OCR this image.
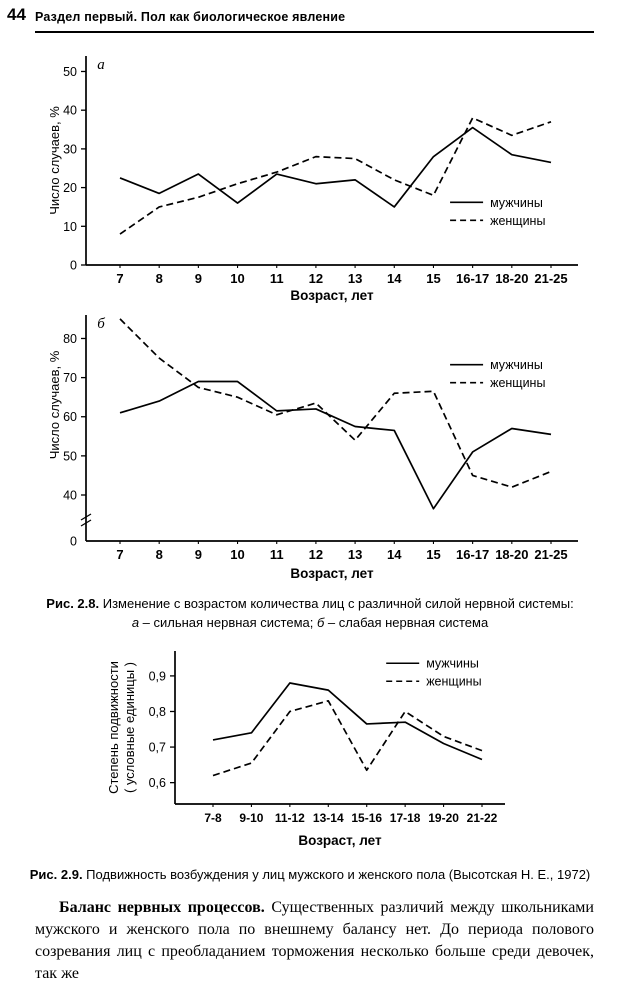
44 Раздел первый. Пол как биологическое явление
0
10
20
30
40
50
7 8 9 10 11 12 13 14 15 16-17 18-20 21-25
Возраст, лет
Число случаев, %
а
мужчины
женщины
40
50
60
70
80
0
7 8 9 10 11 12 13 14 15 16-17 18-20 21-25
Возраст, лет
Число случаев, %
б
мужчины
женщины

Рис. 2.8. Изменение с возрастом количества лиц с различной силой нервной системы:
а – сильная нервная система; б – слабая нервная система

0,6
0,7
0,8
0,9
7-8 9-10 11-12 13-14 15-16 17-18 19-20 21-22
Возраст, лет
Степень подвижности ( условные единицы )	мужчины
женщины

Рис. 2.9. Подвижность возбуждения у лиц мужского и женского пола (Высотская Н. Е., 1972)

Баланс нервных процессов. Существенных различий между школьниками мужского и женского пола по внешнему балансу нет. До периода полового созревания лиц с преобладанием торможения несколько больше среди девочек, так же
